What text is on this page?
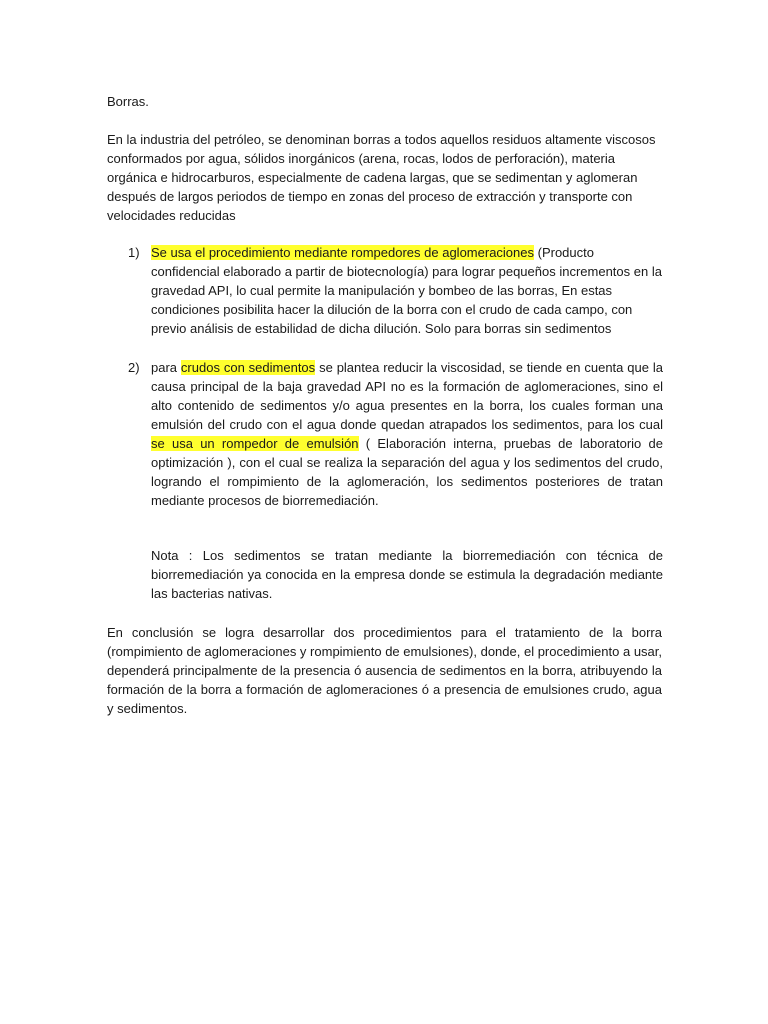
Borras.

En la industria del petróleo, se denominan borras a todos aquellos residuos altamente viscosos conformados por agua, sólidos inorgánicos (arena, rocas, lodos de perforación), materia orgánica e hidrocarburos, especialmente de cadena largas, que se sedimentan y aglomeran después de largos periodos de tiempo en zonas del proceso de extracción y transporte con velocidades reducidas

1) Se usa el procedimiento mediante rompedores de aglomeraciones (Producto confidencial elaborado a partir de biotecnología) para lograr pequeños incrementos en la gravedad API, lo cual permite la manipulación y bombeo de las borras, En estas condiciones posibilita hacer la dilución de la borra con el crudo de cada campo, con previo análisis de estabilidad de dicha dilución. Solo para borras sin sedimentos

2) para crudos con sedimentos se plantea reducir la viscosidad, se tiende en cuenta que la causa principal de la baja gravedad API no es la formación de aglomeraciones, sino el alto contenido de sedimentos y/o agua presentes en la borra, los cuales forman una emulsión del crudo con el agua donde quedan atrapados los sedimentos, para los cual se usa un rompedor de emulsión ( Elaboración interna, pruebas de laboratorio de optimización ), con el cual se realiza la separación del agua y los sedimentos del crudo, logrando el rompimiento de la aglomeración, los sedimentos posteriores de tratan mediante procesos de biorremediación.

Nota : Los sedimentos se tratan mediante la biorremediación con técnica de biorremediación ya conocida en la empresa donde se estimula la degradación mediante las bacterias nativas.

En conclusión se logra desarrollar dos procedimientos para el tratamiento de la borra (rompimiento de aglomeraciones y rompimiento de emulsiones), donde, el procedimiento a usar, dependerá principalmente de la presencia ó ausencia de sedimentos en la borra, atribuyendo la formación de la borra a formación de aglomeraciones ó a presencia de emulsiones crudo, agua y sedimentos.
